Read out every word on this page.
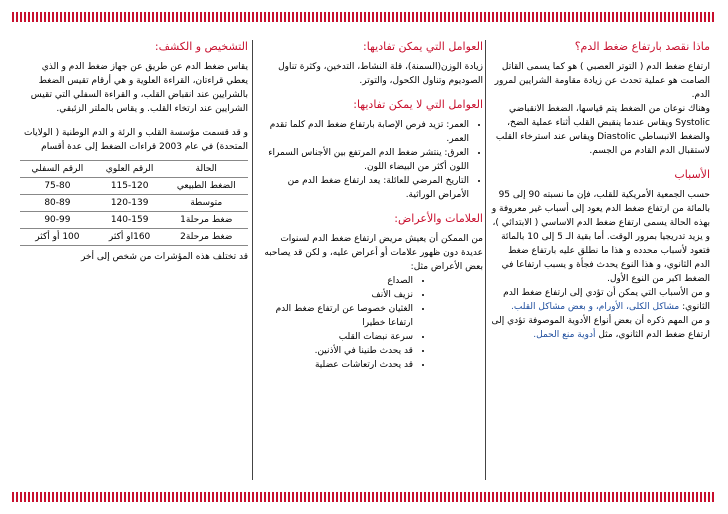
ماذا نقصد بارتفاع ضغط الدم؟

ارتفاع ضغط الدم ( التوتر العصبي ) هو كما يسمى القاتل الصامت هو عملية تحدث عن زيادة مقاومة الشرايين لمرور الدم.

وهناك نوعان من الضغط يتم قياسها، الضغط الانقباضي Systolic ويقاس عندما ينقبض القلب أثناء عملية الضخ، والضغط الانبساطي Diastolic ويقاس عند استرخاء القلب لاستقبال الدم القادم من الجسم.

الأسباب

حسب الجمعية الأمريكية للقلب، فإن ما نسبته 90 إلى 95 بالمائة من ارتفاع ضغط الدم يعود إلى أسباب غير معروفة و بهذه الحالة يسمى ارتفاع ضغط الدم الاساسي ( الابتدائي )، و يزيد تدريجيا بمرور الوقت. أما بقية الـ 5 إلى 10 بالمائة فتعود لأسباب محدده و هذا ما نطلق عليه بارتفاع ضغط الدم الثانوي، و هذا النوع يحدث فجأة و يسبب ارتفاعا في الضغط اكبر من النوع الأول.

و من الأسباب التي يمكن أن تؤدي إلى ارتفاع ضغط الدم الثانوي: مشاكل الكلى، الأورام، و بعض مشاكل القلب.

و من المهم ذكره أن بعض أنواع الأدوية الموصوفة تؤدي إلى ارتفاع ضغط الدم الثانوي، مثل أدوية منع الحمل.

العوامل التي يمكن تفاديها:

زيادة الوزن(السمنة)، قلة النشاط، التدخين، وكثرة تناول الصوديوم وتناول الكحول، والتوتر.

العوامل التي لا يمكن تفاديها:
• العمر: تزيد فرص الإصابة بارتفاع ضغط الدم كلما تقدم العمر.
• العرق: ينتشر ضغط الدم المرتفع بين الأجناس السمراء اللون أكثر من البيضاء اللون.
• التاريخ المرضي للعائلة: يعد ارتفاع ضغط الدم من الأمراض الوراثية.
العلامات والأعراض:

من الممكن أن يعيش مريض ارتفاع ضغط الدم لسنوات عديدة دون ظهور علامات أو أعراض عليه، و لكن قد يصاحبه بعض الأعراض مثل:

• الصداع
• نزيف الأنف
• الغثيان خصوصا عن ارتفاع ضغط الدم ارتفاعا خطيرا
• سرعة نبضات القلب
• قد يحدث طنينا في الأذنين.
• قد يحدث ارتعاشات عضلية
التشخيص و الكشف:

يقاس ضغط الدم عن طريق عن جهاز ضغط الدم و الذي يعطي قراءتان، القراءة العلوية و هي أرقام تقيس الضغط بالشرايين عند انقباض القلب، و القراءة السفلي التي تقيس الشرايين عند ارتخاء القلب. و يقاس بالملتر الزئبقي.

و قد قسمت مؤسسة القلب و الرئة و الدم الوطنية ( الولايات المتحدة) في عام 2003 قراءات الضغط إلى عدة أقسام

الحالة	الرقم العلوي	الرقم السفلي
الضغط الطبيعي	115-120	75-80
متوسطة	120-139	80-89
ضغط مرحلة1	140-159	90-99
ضغط مرحلة2	160او أكثر	100 أو أكثر

قد تختلف هذه المؤشرات من شخص إلى أخر
